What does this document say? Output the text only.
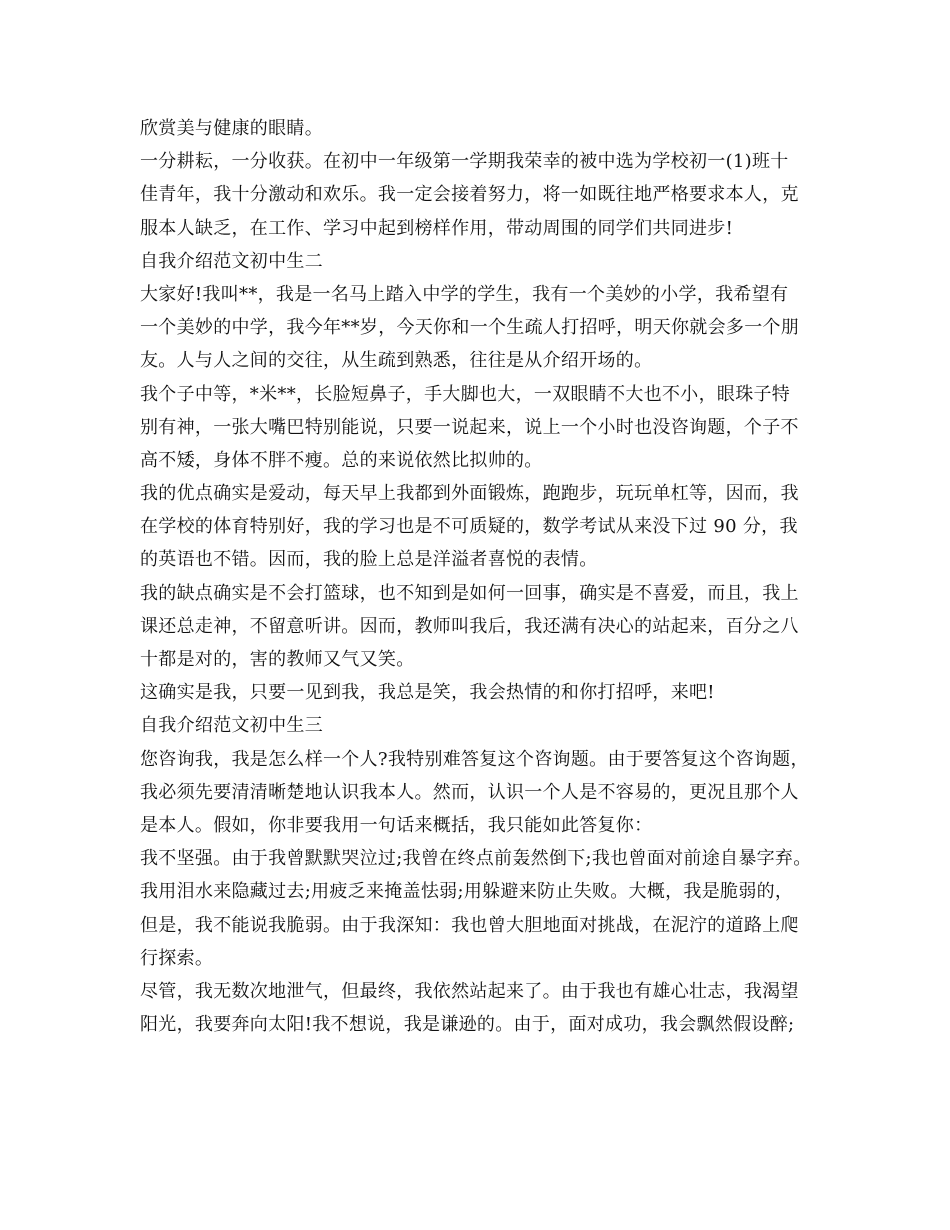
欣赏美与健康的眼睛。
一分耕耘，一分收获。在初中一年级第一学期我荣幸的被中选为学校初一(1)班十
佳青年，我十分激动和欢乐。我一定会接着努力，将一如既往地严格要求本人，克
服本人缺乏，在工作、学习中起到榜样作用，带动周围的同学们共同进步!
自我介绍范文初中生二
大家好!我叫**，我是一名马上踏入中学的学生，我有一个美妙的小学，我希望有
一个美妙的中学，我今年**岁，今天你和一个生疏人打招呼，明天你就会多一个朋
友。人与人之间的交往，从生疏到熟悉，往往是从介绍开场的。
我个子中等，*米**，长脸短鼻子，手大脚也大，一双眼睛不大也不小，眼珠子特
别有神，一张大嘴巴特别能说，只要一说起来，说上一个小时也没咨询题，个子不
高不矮，身体不胖不瘦。总的来说依然比拟帅的。
我的优点确实是爱动，每天早上我都到外面锻炼，跑跑步，玩玩单杠等，因而，我
在学校的体育特别好，我的学习也是不可质疑的，数学考试从来没下过 90 分，我
的英语也不错。因而，我的脸上总是洋溢者喜悦的表情。
我的缺点确实是不会打篮球，也不知到是如何一回事，确实是不喜爱，而且，我上
课还总走神，不留意听讲。因而，教师叫我后，我还满有决心的站起来，百分之八
十都是对的，害的教师又气又笑。
这确实是我，只要一见到我，我总是笑，我会热情的和你打招呼，来吧!
自我介绍范文初中生三
您咨询我，我是怎么样一个人?我特别难答复这个咨询题。由于要答复这个咨询题，
我必须先要清清晰楚地认识我本人。然而，认识一个人是不容易的，更况且那个人
是本人。假如，你非要我用一句话来概括，我只能如此答复你：
我不坚强。由于我曾默默哭泣过;我曾在终点前轰然倒下;我也曾面对前途自暴字弃。
我用泪水来隐藏过去;用疲乏来掩盖怯弱;用躲避来防止失败。大概，我是脆弱的，
但是，我不能说我脆弱。由于我深知：我也曾大胆地面对挑战，在泥泞的道路上爬
行探索。
尽管，我无数次地泄气，但最终，我依然站起来了。由于我也有雄心壮志，我渴望
阳光，我要奔向太阳!我不想说，我是谦逊的。由于，面对成功，我会飘然假设醉;
